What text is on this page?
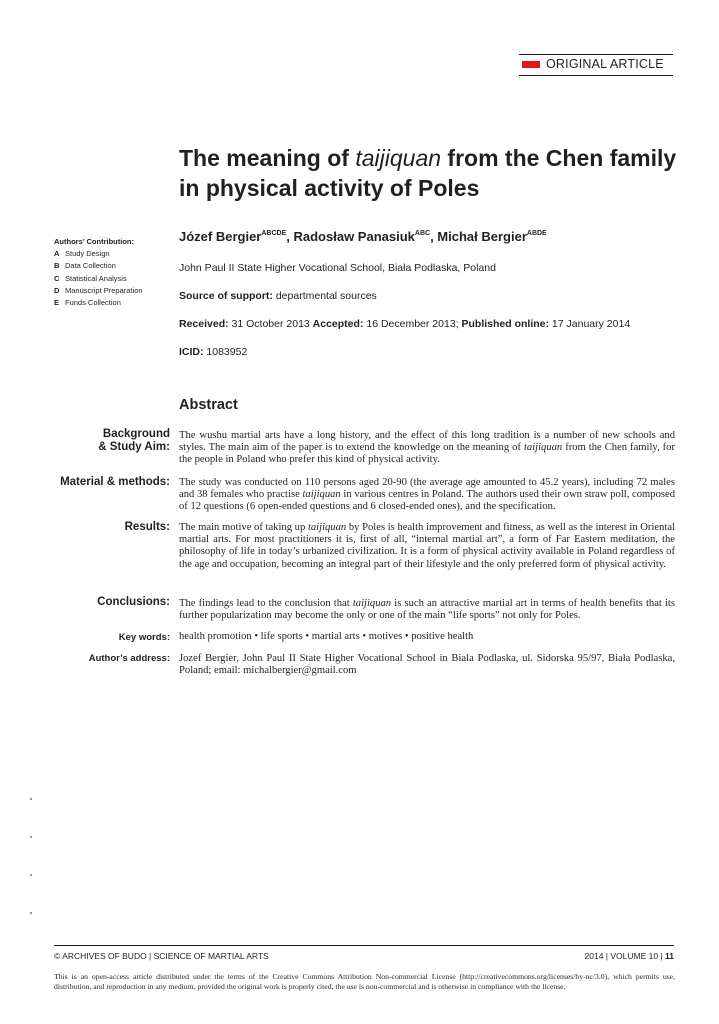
ORIGINAL ARTICLE
The meaning of taijiquan from the Chen family in physical activity of Poles
Józef Bergier$^{ABCDE}$, Radosław Panasiuk$^{ABC}$, Michał Bergier$^{ABDE}$
Authors’ Contribution:
A Study Design
B Data Collection
C Statistical Analysis
D Manuscript Preparation
E Funds Collection
John Paul II State Higher Vocational School, Biała Podlaska, Poland
Source of support: departmental sources
Received: 31 October 2013 Accepted: 16 December 2013; Published online: 17 January 2014
ICID: 1083952
Abstract
Background
& Study Aim:
The wushu martial arts have a long history, and the effect of this long tradition is a number of new schools and styles. The main aim of the paper is to extend the knowledge on the meaning of taijiquan from the Chen family, for the people in Poland who prefer this kind of physical activity.
Material & methods: The study was conducted on 110 persons aged 20-90 (the average age amounted to 45.2 years), including 72 males and 38 females who practise taijiquan in various centres in Poland. The authors used their own straw poll, composed of 12 questions (6 open-ended questions and 6 closed-ended ones), and the specification.
Results: The main motive of taking up taijiquan by Poles is health improvement and fitness, as well as the interest in Oriental martial arts. For most practitioners it is, first of all, “internal martial art”, a form of Far Eastern meditation, the philosophy of life in today’s urbanized civilization. It is a form of physical activity available in Poland regardless of the age and occupation, becoming an integral part of their lifestyle and the only preferred form of physical activity.
Conclusions: The findings lead to the conclusion that taijiquan is such an attractive martial art in terms of health benefits that its further popularization may become the only or one of the main “life sports” not only for Poles.
Key words: health promotion • life sports • martial arts • motives • positive health
Author’s address: Jozef Bergier, John Paul II State Higher Vocational School in Biala Podlaska, ul. Sidorska 95/97, Biała Podlaska, Poland; email: michalbergier@gmail.com
© ARCHIVES OF BUDO | SCIENCE OF MARTIAL ARTS	2014 | VOLUME 10 | 11
This is an open-access article distributed under the terms of the Creative Commons Attribution Non-commercial License (http://creativecommons.org/licenses/by-nc/3.0), which permits use, distribution, and reproduction in any medium, provided the original work is properly cited, the use is non-commercial and is otherwise in compliance with the license.
